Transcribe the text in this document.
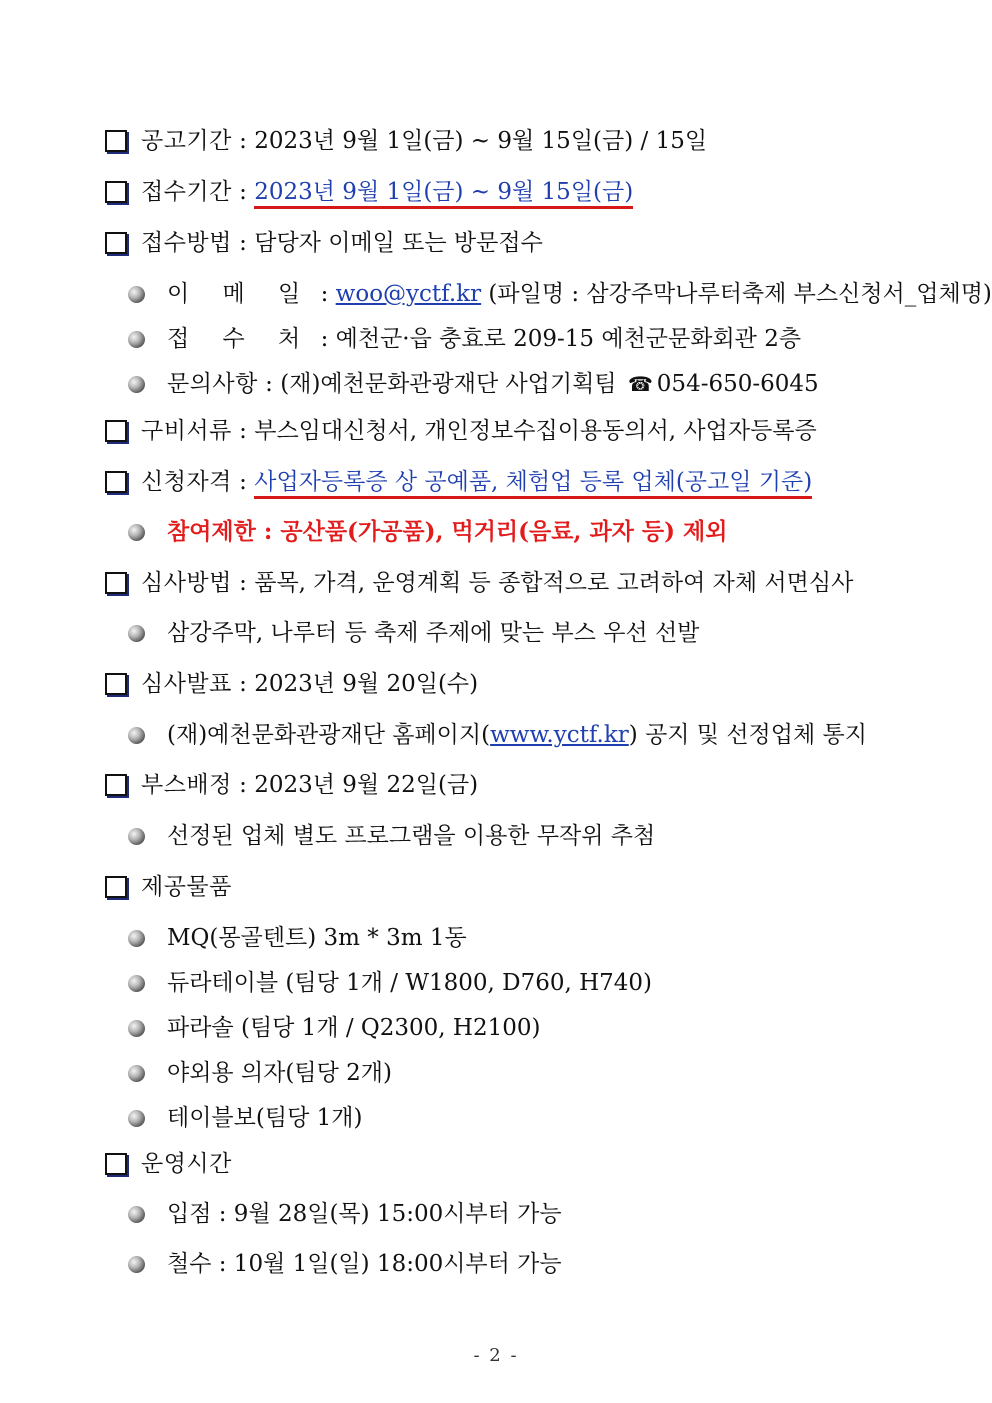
공고기간 : 2023년 9월 1일(금) ~ 9월 15일(금) / 15일
접수기간 : 2023년 9월 1일(금) ~ 9월 15일(금)
접수방법 : 담당자 이메일 또는 방문접수
이 메 일 : woo@yctf.kr (파일명 : 삼강주막나루터축제 부스신청서_업체명)
접 수 처 : 예천군·읍 충효로 209-15 예천군문화회관 2층
문의사항 : (재)예천문화관광재단 사업기획팀 ☎ 054-650-6045
구비서류 : 부스임대신청서, 개인정보수집이용동의서, 사업자등록증
신청자격 : 사업자등록증 상 공예품, 체험업 등록 업체(공고일 기준)
참여제한 : 공산품(가공품), 먹거리(음료, 과자 등) 제외
심사방법 : 품목, 가격, 운영계획 등 종합적으로 고려하여 자체 서면심사
삼강주막, 나루터 등 축제 주제에 맞는 부스 우선 선발
심사발표 : 2023년 9월 20일(수)
(재)예천문화관광재단 홈페이지(www.yctf.kr) 공지 및 선정업체 통지
부스배정 : 2023년 9월 22일(금)
선정된 업체 별도 프로그램을 이용한 무작위 추첨
제공물품
MQ(몽골텐트) 3m * 3m 1동
듀라테이블 (팀당 1개 / W1800, D760, H740)
파라솔 (팀당 1개 / Q2300, H2100)
야외용 의자(팀당 2개)
테이블보(팀당 1개)
운영시간
입점 : 9월 28일(목) 15:00시부터 가능
철수 : 10월 1일(일) 18:00시부터 가능
- 2 -
